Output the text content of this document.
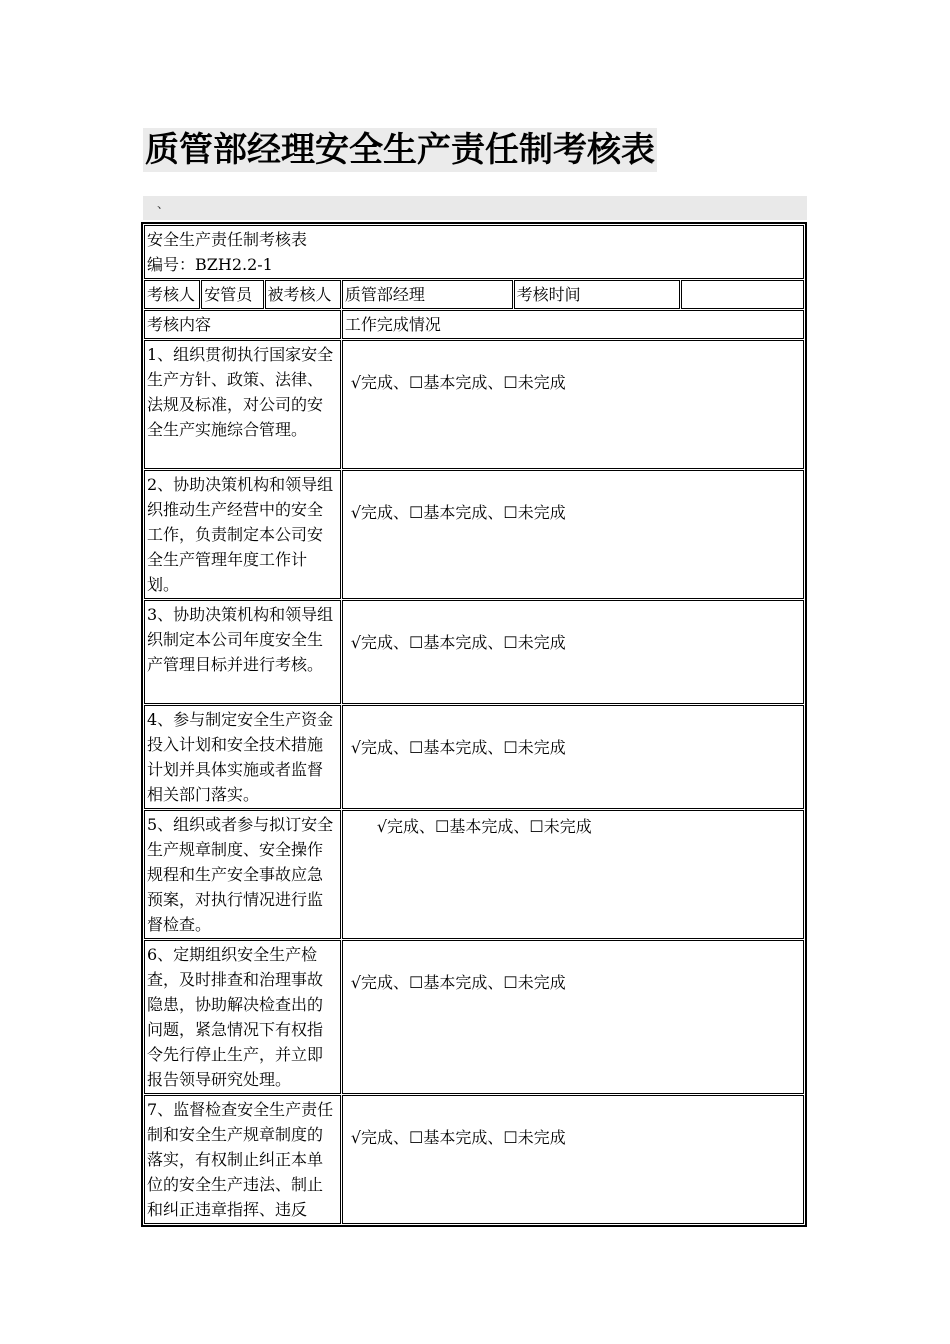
质管部经理安全生产责任制考核表
、
安全生产责任制考核表
编号：BZH2.2-1					

考核人	安管员	被考核人	质管部经理	考核时间	
考核内容			工作完成情况		
1、组织贯彻执行国家安全生产方针、政策、法律、法规及标准，对公司的安全生产实施综合管理。			√完成、☐基本完成、☐未完成		

2、协助决策机构和领导组织推动生产经营中的安全工作，负责制定本公司安全生产管理年度工作计划。			√完成、☐基本完成、☐未完成		

3、协助决策机构和领导组织制定本公司年度安全生产管理目标并进行考核。			√完成、☐基本完成、☐未完成		

4、参与制定安全生产资金投入计划和安全技术措施计划并具体实施或者监督相关部门落实。			√完成、☐基本完成、☐未完成		

5、组织或者参与拟订安全生产规章制度、安全操作规程和生产安全事故应急预案，对执行情况进行监督检查。			√完成、☐基本完成、☐未完成		

6、定期组织安全生产检查，及时排查和治理事故隐患，协助解决检查出的问题，紧急情况下有权指令先行停止生产，并立即报告领导研究处理。			√完成、☐基本完成、☐未完成		

7、监督检查安全生产责任制和安全生产规章制度的落实，有权制止纠正本单位的安全生产违法、制止和纠正违章指挥、违反			√完成、☐基本完成、☐未完成		
